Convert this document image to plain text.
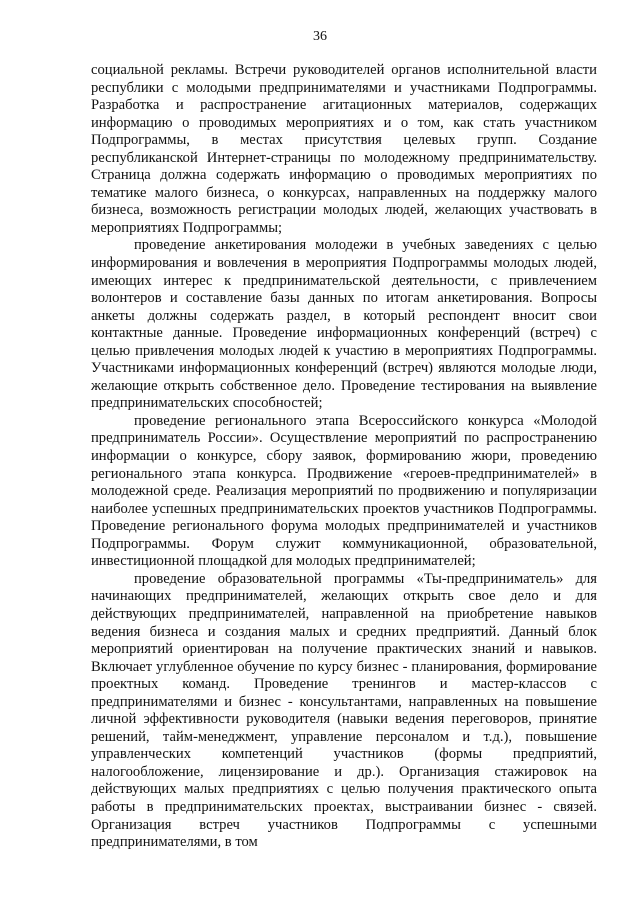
36

социальной рекламы. Встречи руководителей органов исполнительной власти республики с молодыми предпринимателями и участниками Подпрограммы. Разработка и распространение агитационных материалов, содержащих информацию о проводимых мероприятиях и о том, как стать участником Подпрограммы, в местах присутствия целевых групп. Создание республиканской Интернет-страницы по молодежному предпринимательству. Страница должна содержать информацию о проводимых мероприятиях по тематике малого бизнеса, о конкурсах, направленных на поддержку малого бизнеса, возможность регистрации молодых людей, желающих участвовать в мероприятиях Подпрограммы;

проведение анкетирования молодежи в учебных заведениях с целью информирования и вовлечения в мероприятия Подпрограммы молодых людей, имеющих интерес к предпринимательской деятельности, с привлечением волонтеров и составление базы данных по итогам анкетирования. Вопросы анкеты должны содержать раздел, в который респондент вносит свои контактные данные. Проведение информационных конференций (встреч) с целью привлечения молодых людей к участию в мероприятиях Подпрограммы. Участниками информационных конференций (встреч) являются молодые люди, желающие открыть собственное дело. Проведение тестирования на выявление предпринимательских способностей;

проведение регионального этапа Всероссийского конкурса «Молодой предприниматель России». Осуществление мероприятий по распространению информации о конкурсе, сбору заявок, формированию жюри, проведению регионального этапа конкурса. Продвижение «героев-предпринимателей» в молодежной среде. Реализация мероприятий по продвижению и популяризации наиболее успешных предпринимательских проектов участников Подпрограммы. Проведение регионального форума молодых предпринимателей и участников Подпрограммы. Форум служит коммуникационной, образовательной, инвестиционной площадкой для молодых предпринимателей;

проведение образовательной программы «Ты-предприниматель» для начинающих предпринимателей, желающих открыть свое дело и для действующих предпринимателей, направленной на приобретение навыков ведения бизнеса и создания малых и средних предприятий. Данный блок мероприятий ориентирован на получение практических знаний и навыков. Включает углубленное обучение по курсу бизнес - планирования, формирование проектных команд. Проведение тренингов и мастер-классов с предпринимателями и бизнес - консультантами, направленных на повышение личной эффективности руководителя (навыки ведения переговоров, принятие решений, тайм-менеджмент, управление персоналом и т.д.), повышение управленческих компетенций участников (формы предприятий, налогообложение, лицензирование и др.). Организация стажировок на действующих малых предприятиях с целью получения практического опыта работы в предпринимательских проектах, выстраивании бизнес - связей. Организация встреч участников Подпрограммы с успешными предпринимателями, в том
